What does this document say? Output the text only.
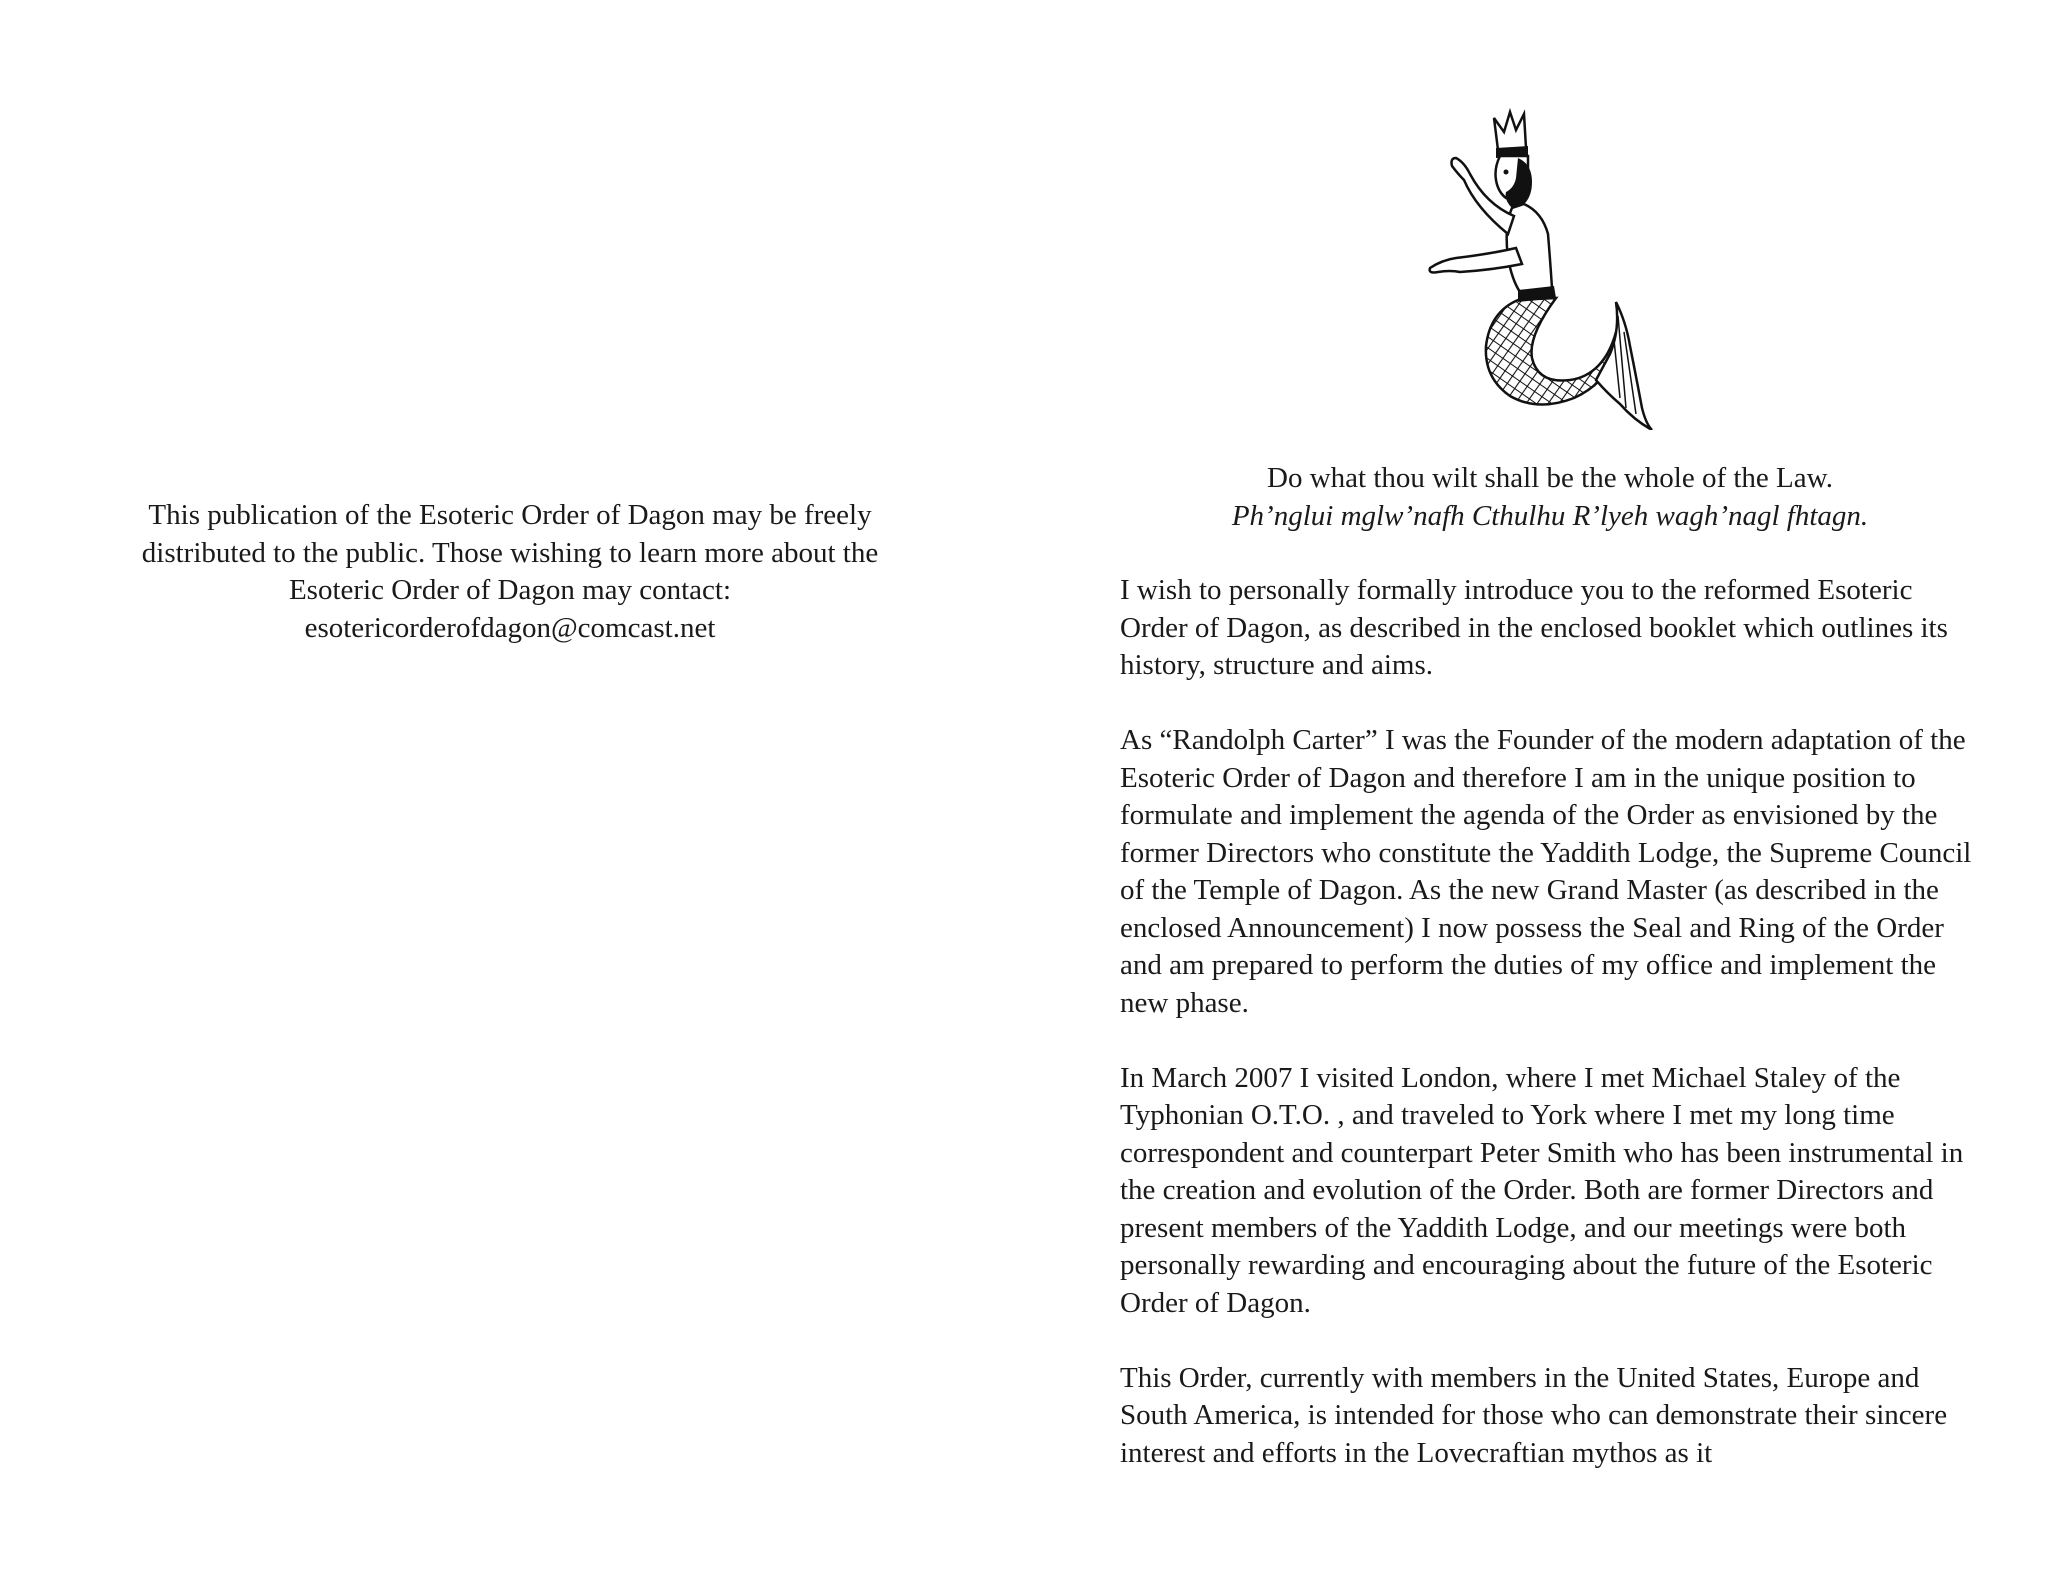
This publication of the Esoteric Order of Dagon may be freely distributed to the public. Those wishing to learn more about the Esoteric Order of Dagon may contact:

esotericorderofdagon@comcast.net

Do what thou wilt shall be the whole of the Law.

Ph’nglui mglw’nafh Cthulhu R’lyeh wagh’nagl fhtagn.

I wish to personally formally introduce you to the reformed Esoteric Order of Dagon, as described in the enclosed booklet which outlines its history, structure and aims.

As “Randolph Carter” I was the Founder of the modern adaptation of the Esoteric Order of Dagon and therefore I am in the unique position to formulate and implement the agenda of the Order as envisioned by the former Directors who constitute the Yaddith Lodge, the Supreme Council of the Temple of Dagon. As the new Grand Master (as described in the enclosed Announcement) I now possess the Seal and Ring of the Order and am prepared to perform the duties of my office and implement the new phase.

In March 2007 I visited London, where I met Michael Staley of the Typhonian O.T.O. , and traveled to York where I met my long time correspondent and counterpart Peter Smith who has been instrumental in the creation and evolution of the Order. Both are former Directors and present members of the Yaddith Lodge, and our meetings were both personally rewarding and encouraging about the future of the Esoteric Order of Dagon.

This Order, currently with members in the United States, Europe and South America, is intended for those who can demonstrate their sincere interest and efforts in the Lovecraftian mythos as it
